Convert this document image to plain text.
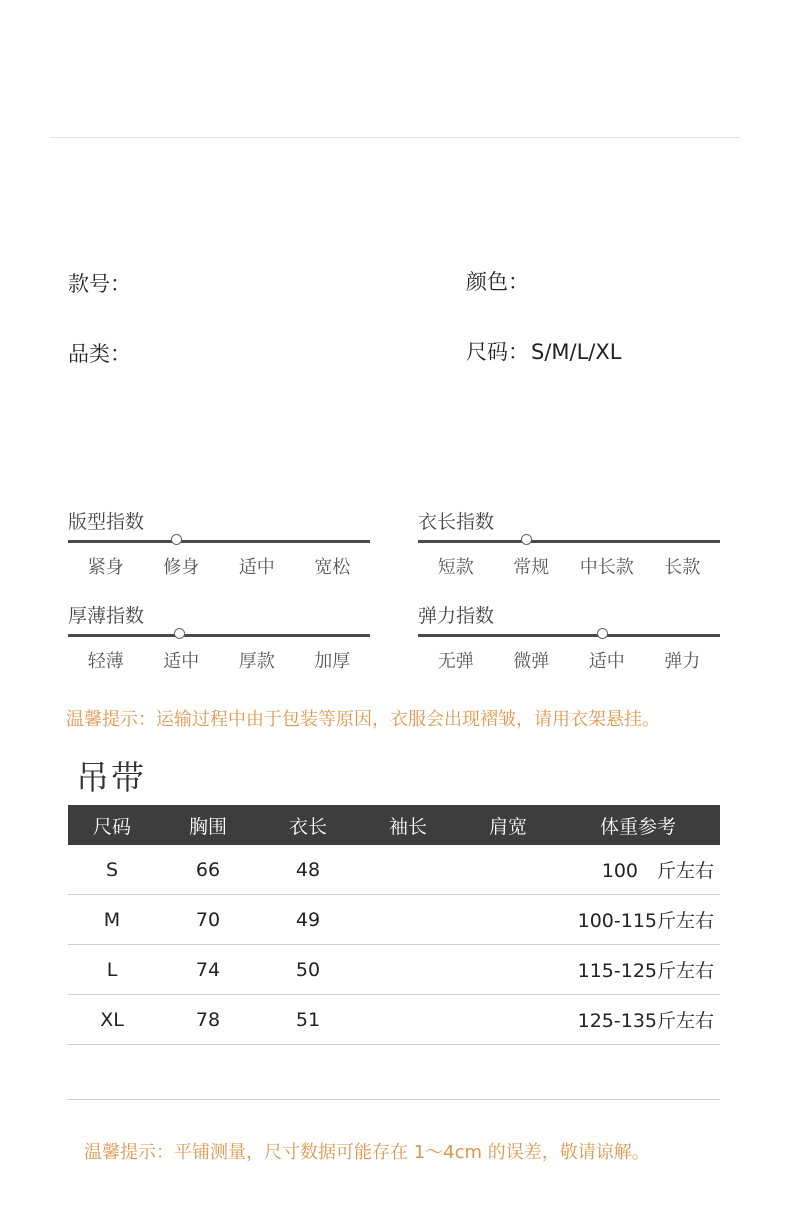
款号：	颜色：
品类：	尺码：S/M/L/XL
版型指数
紧身 修身 适中 宽松
衣长指数
短款 常规 中长款 长款
厚薄指数
轻薄 适中 厚款 加厚
弹力指数
无弹 微弹 适中 弹力
温馨提示：运输过程中由于包装等原因，衣服会出现褶皱，请用衣架悬挂。
吊带
尺码	胸围	衣长	袖长	肩宽	体重参考
S	66	48			100　斤左右
M	70	49			100-115斤左右
L	74	50			115-125斤左右
XL	78	51			125-135斤左右
温馨提示：平铺测量，尺寸数据可能存在 1～4cm 的误差，敬请谅解。
